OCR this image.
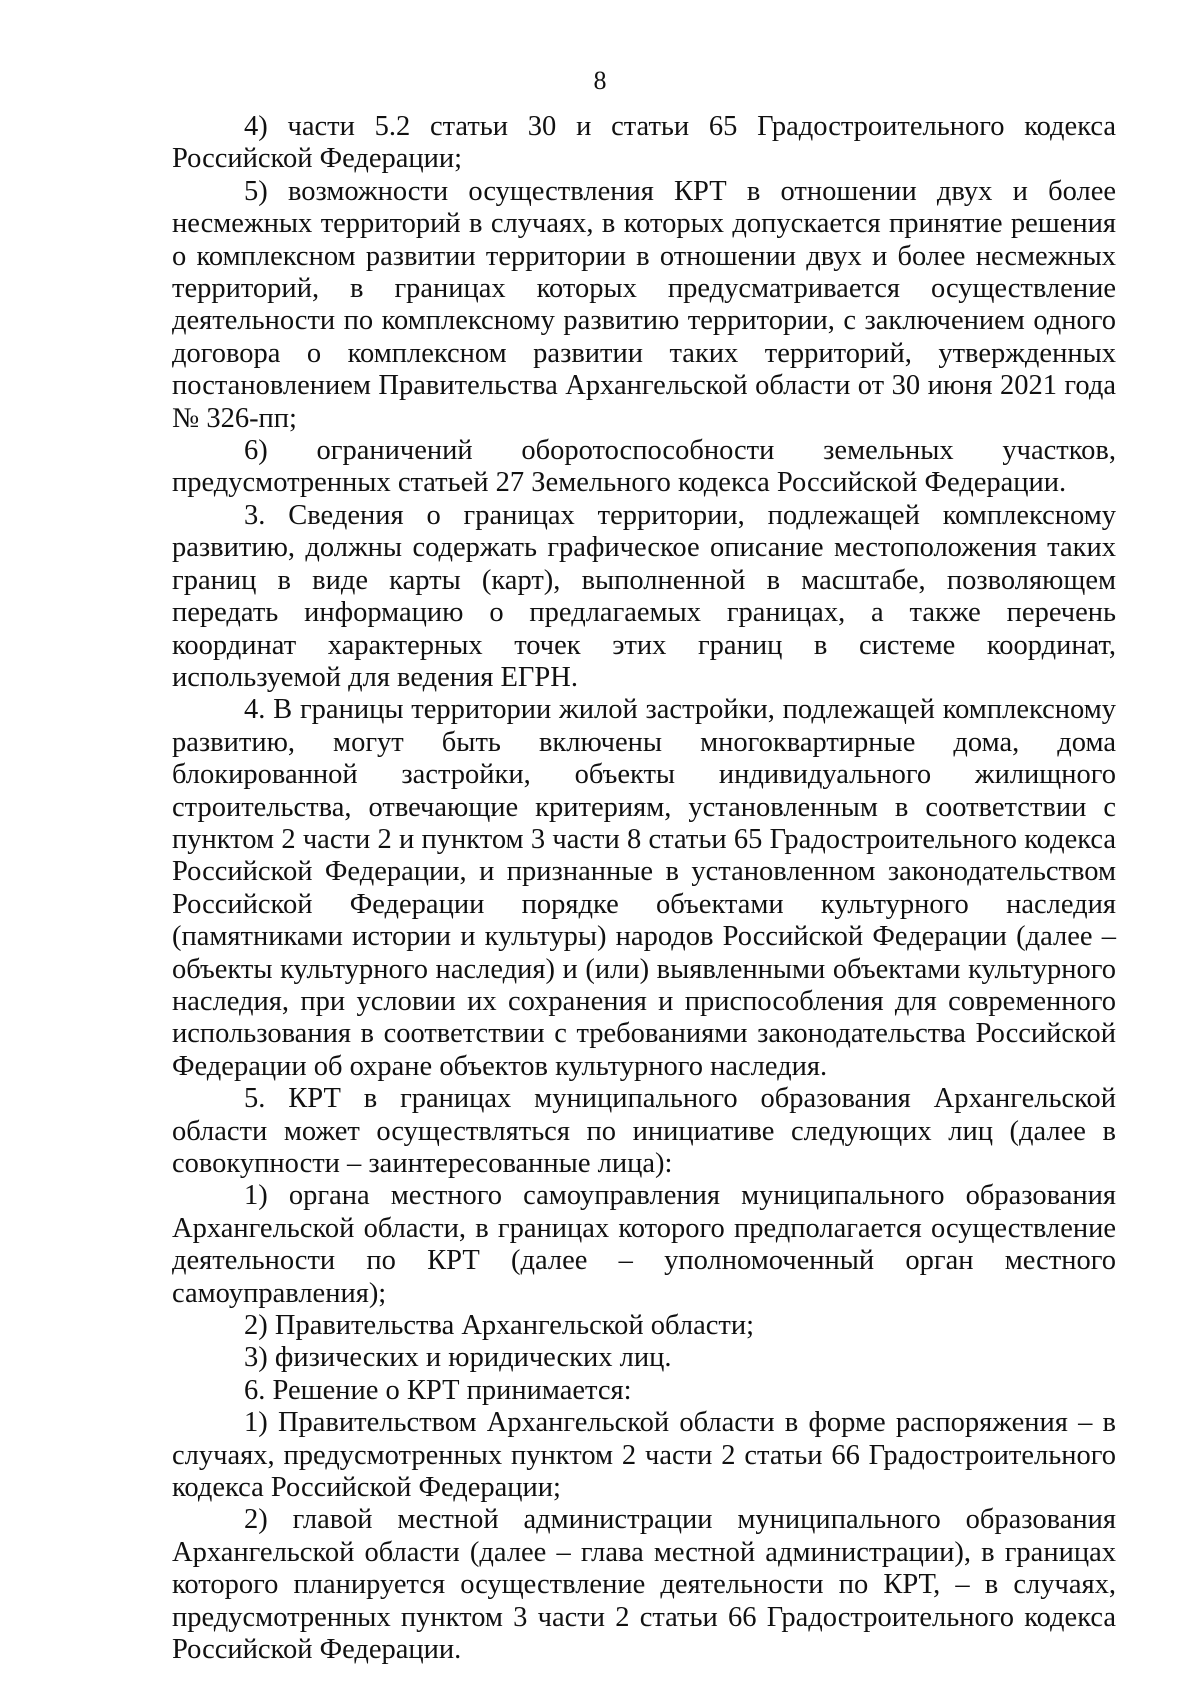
8

4) части 5.2 статьи 30 и статьи 65 Градостроительного кодекса Российской Федерации;

5) возможности осуществления КРТ в отношении двух и более несмежных территорий в случаях, в которых допускается принятие решения о комплексном развитии территории в отношении двух и более несмежных территорий, в границах которых предусматривается осуществление деятельности по комплексному развитию территории, с заключением одного договора о комплексном развитии таких территорий, утвержденных постановлением Правительства Архангельской области от 30 июня 2021 года № 326-пп;

6) ограничений оборотоспособности земельных участков, предусмотренных статьей 27 Земельного кодекса Российской Федерации.

3. Сведения о границах территории, подлежащей комплексному развитию, должны содержать графическое описание местоположения таких границ в виде карты (карт), выполненной в масштабе, позволяющем передать информацию о предлагаемых границах, а также перечень координат характерных точек этих границ в системе координат, используемой для ведения ЕГРН.

4. В границы территории жилой застройки, подлежащей комплексному развитию, могут быть включены многоквартирные дома, дома блокированной застройки, объекты индивидуального жилищного строительства, отвечающие критериям, установленным в соответствии с пунктом 2 части 2 и пунктом 3 части 8 статьи 65 Градостроительного кодекса Российской Федерации, и признанные в установленном законодательством Российской Федерации порядке объектами культурного наследия (памятниками истории и культуры) народов Российской Федерации (далее – объекты культурного наследия) и (или) выявленными объектами культурного наследия, при условии их сохранения и приспособления для современного использования в соответствии с требованиями законодательства Российской Федерации об охране объектов культурного наследия.

5. КРТ в границах муниципального образования Архангельской области может осуществляться по инициативе следующих лиц (далее в совокупности – заинтересованные лица):

1) органа местного самоуправления муниципального образования Архангельской области, в границах которого предполагается осуществление деятельности по КРТ (далее – уполномоченный орган местного самоуправления);

2) Правительства Архангельской области;

3) физических и юридических лиц.

6. Решение о КРТ принимается:

1) Правительством Архангельской области в форме распоряжения – в случаях, предусмотренных пунктом 2 части 2 статьи 66 Градостроительного кодекса Российской Федерации;

2) главой местной администрации муниципального образования Архангельской области (далее – глава местной администрации), в границах которого планируется осуществление деятельности по КРТ, – в случаях, предусмотренных пунктом 3 части 2 статьи 66 Градостроительного кодекса Российской Федерации.
